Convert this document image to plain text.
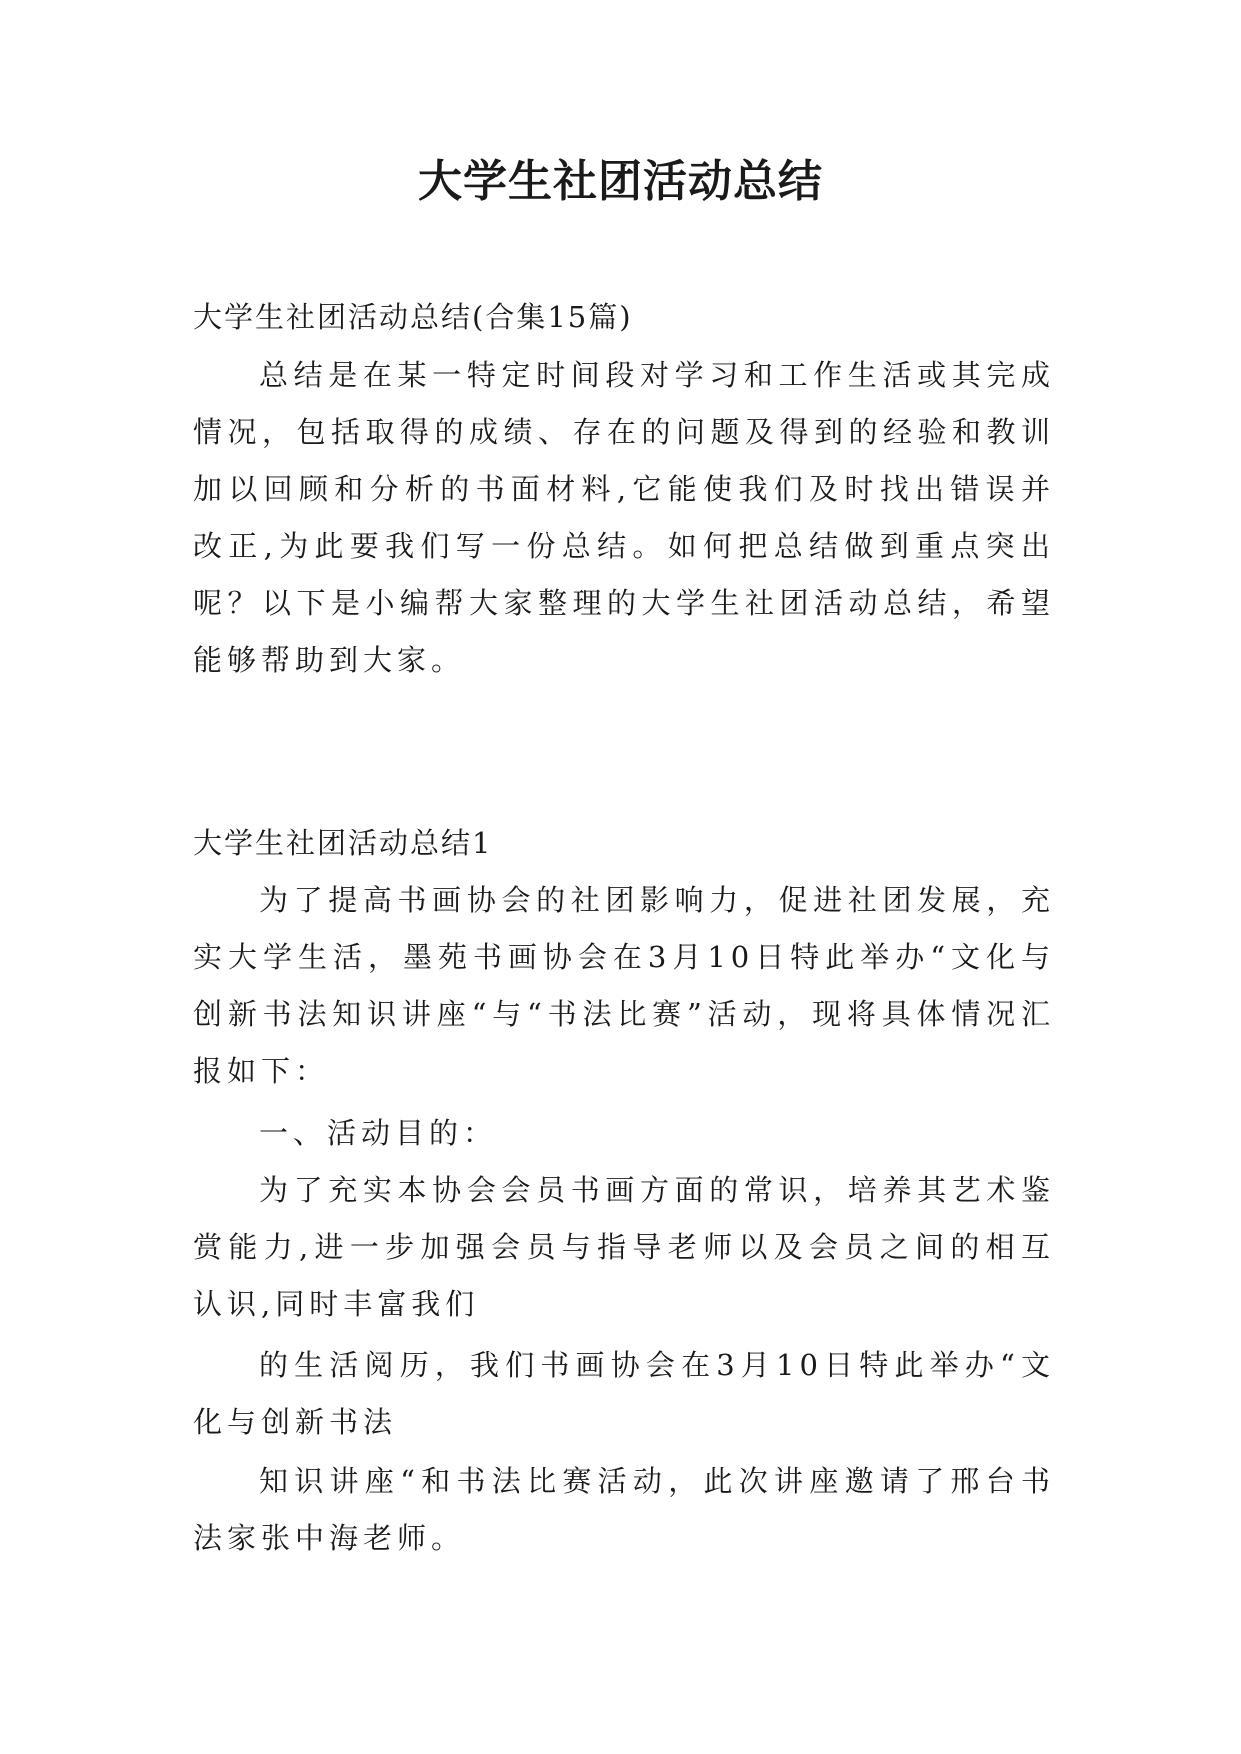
大学生社团活动总结

大学生社团活动总结(合集15篇)

总结是在某一特定时间段对学习和工作生活或其完成情况，包括取得的成绩、存在的问题及得到的经验和教训加以回顾和分析的书面材料,它能使我们及时找出错误并改正,为此要我们写一份总结。如何把总结做到重点突出呢？以下是小编帮大家整理的大学生社团活动总结，希望能够帮助到大家。

大学生社团活动总结1

为了提高书画协会的社团影响力，促进社团发展，充实大学生活，墨苑书画协会在3月10日特此举办“文化与创新书法知识讲座“与“书法比赛”活动，现将具体情况汇报如下：

一、活动目的：

为了充实本协会会员书画方面的常识，培养其艺术鉴赏能力,进一步加强会员与指导老师以及会员之间的相互认识,同时丰富我们

的生活阅历，我们书画协会在3月10日特此举办“文化与创新书法

知识讲座“和书法比赛活动，此次讲座邀请了邢台书法家张中海老师。
